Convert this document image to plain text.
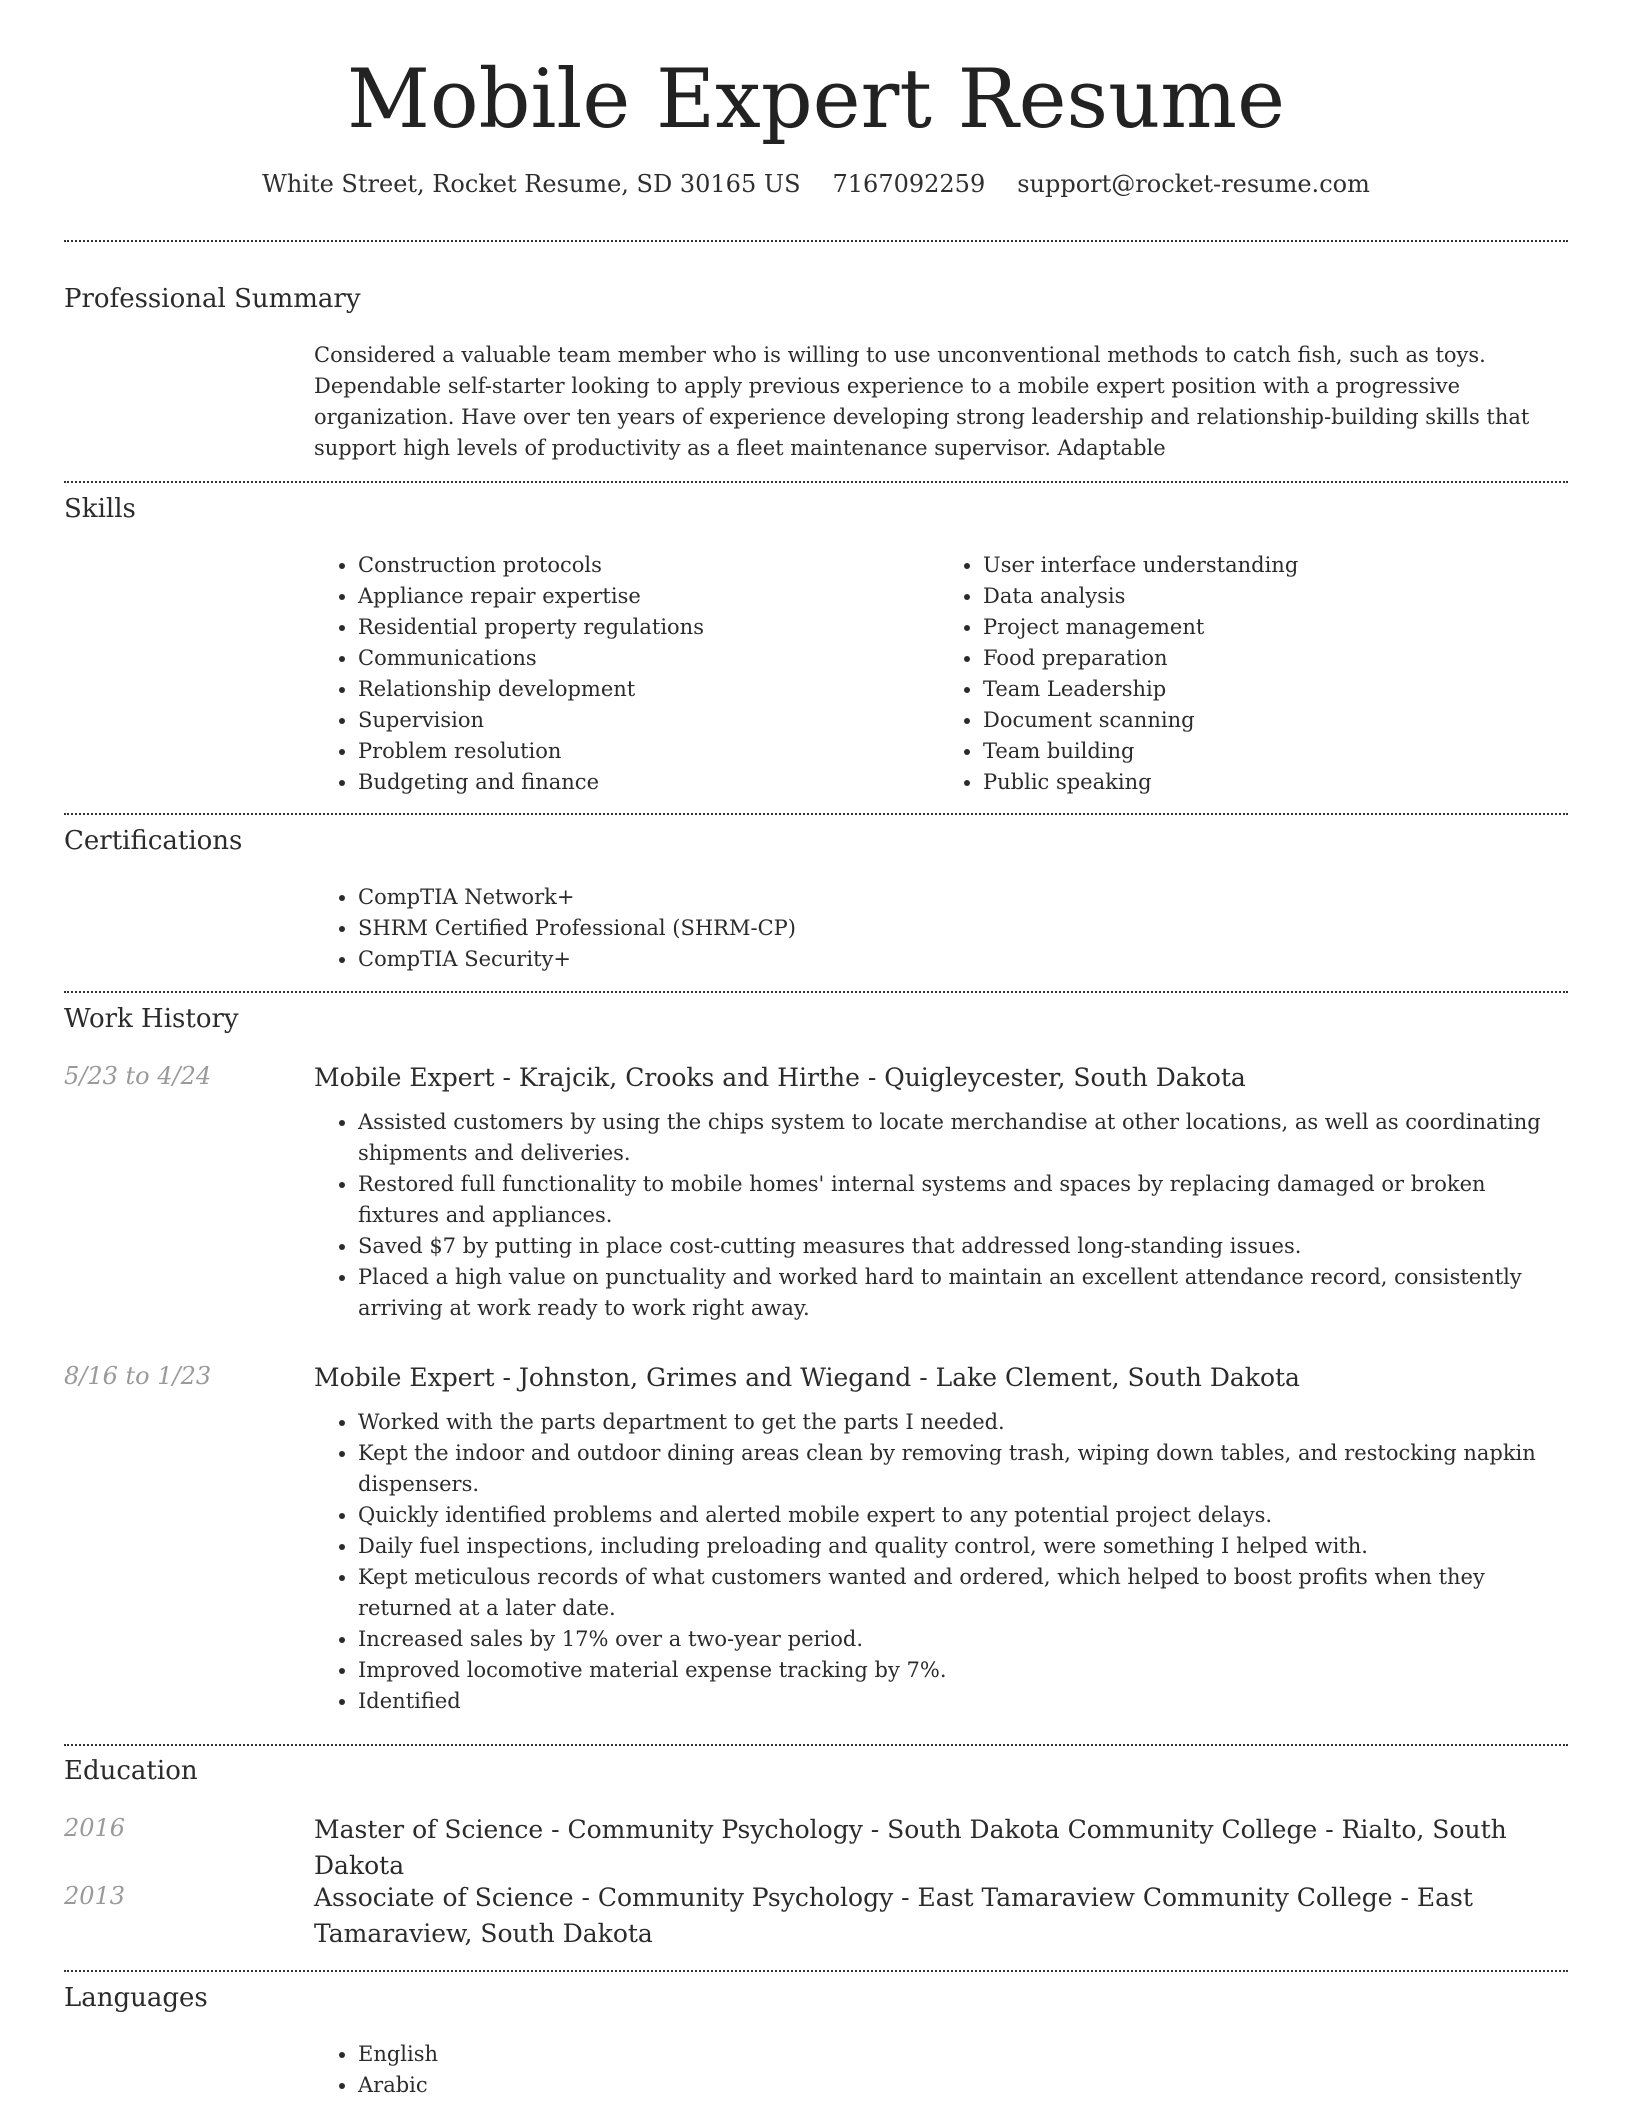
Mobile Expert Resume
White Street, Rocket Resume, SD 30165 US 7167092259 support@rocket-resume.com
Professional Summary

Considered a valuable team member who is willing to use unconventional methods to catch fish, such as toys. Dependable self-starter looking to apply previous experience to a mobile expert position with a progressive organization. Have over ten years of experience developing strong leadership and relationship-building skills that support high levels of productivity as a fleet maintenance supervisor. Adaptable

Skills
• Construction protocols
• Appliance repair expertise
• Residential property regulations
• Communications
• Relationship development
• Supervision
• Problem resolution
• Budgeting and finance
• User interface understanding
• Data analysis
• Project management
• Food preparation
• Team Leadership
• Document scanning
• Team building
• Public speaking
Certifications
• CompTIA Network+
• SHRM Certified Professional (SHRM-CP)
• CompTIA Security+
Work History
5/23 to 4/24	Mobile Expert - Krajcik, Crooks and Hirthe - Quigleycester, South Dakota

• Assisted customers by using the chips system to locate merchandise at other locations, as well as coordinating shipments and deliveries.
• Restored full functionality to mobile homes' internal systems and spaces by replacing damaged or broken fixtures and appliances.
• Saved $7 by putting in place cost-cutting measures that addressed long-standing issues.
• Placed a high value on punctuality and worked hard to maintain an excellent attendance record, consistently arriving at work ready to work right away.
8/16 to 1/23	Mobile Expert - Johnston, Grimes and Wiegand - Lake Clement, South Dakota

• Worked with the parts department to get the parts I needed.
• Kept the indoor and outdoor dining areas clean by removing trash, wiping down tables, and restocking napkin dispensers.
• Quickly identified problems and alerted mobile expert to any potential project delays.
• Daily fuel inspections, including preloading and quality control, were something I helped with.
• Kept meticulous records of what customers wanted and ordered, which helped to boost profits when they returned at a later date.
• Increased sales by 17% over a two-year period.
• Improved locomotive material expense tracking by 7%.
• Identified
Education
2016	Master of Science - Community Psychology - South Dakota Community College - Rialto, South Dakota

2013	Associate of Science - Community Psychology - East Tamaraview Community College - East Tamaraview, South Dakota

Languages
• English
• Arabic
